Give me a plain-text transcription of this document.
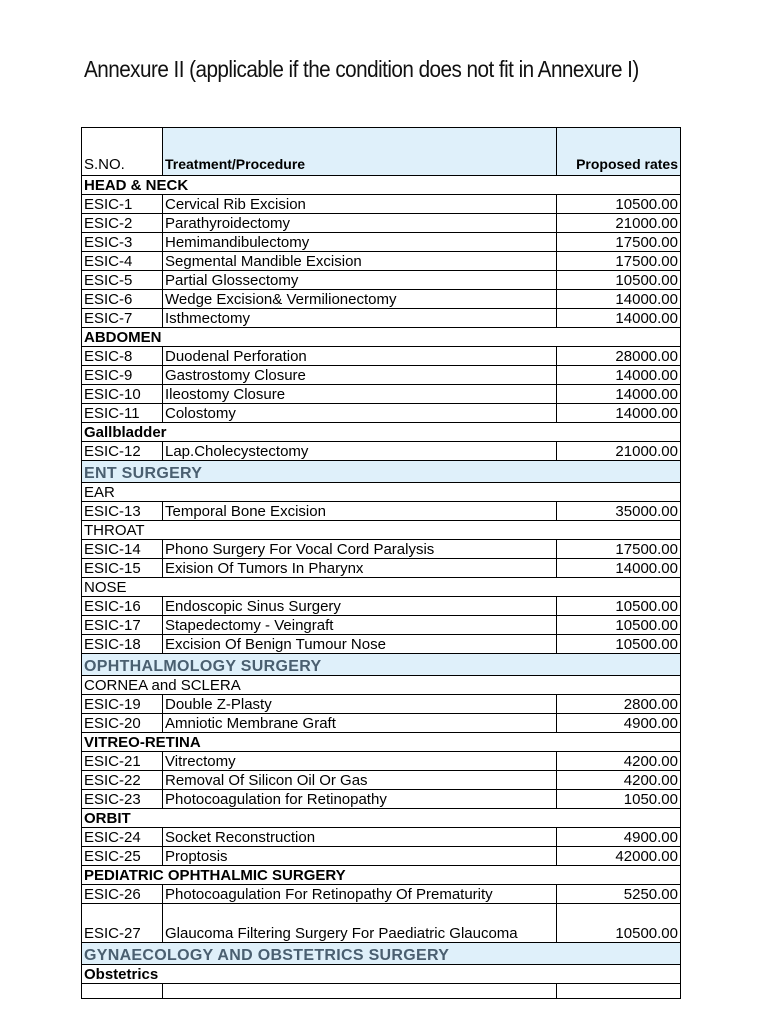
Annexure II (applicable if the condition does not fit in Annexure I)
S.NO.	Treatment/Procedure	Proposed rates
HEAD & NECK		
ESIC-1	Cervical Rib Excision	10500.00
ESIC-2	Parathyroidectomy	21000.00
ESIC-3	Hemimandibulectomy	17500.00
ESIC-4	Segmental Mandible Excision	17500.00
ESIC-5	Partial Glossectomy	10500.00
ESIC-6	Wedge Excision& Vermilionectomy	14000.00
ESIC-7	Isthmectomy	14000.00
ABDOMEN		
ESIC-8	Duodenal Perforation	28000.00
ESIC-9	Gastrostomy Closure	14000.00
ESIC-10	Ileostomy Closure	14000.00
ESIC-11	Colostomy	14000.00
Gallbladder		
ESIC-12	Lap.Cholecystectomy	21000.00
ENT SURGERY		
EAR		
ESIC-13	Temporal Bone Excision	35000.00
THROAT		
ESIC-14	Phono Surgery For Vocal Cord Paralysis	17500.00
ESIC-15	Exision Of Tumors In Pharynx	14000.00
NOSE		
ESIC-16	Endoscopic Sinus Surgery	10500.00
ESIC-17	Stapedectomy - Veingraft	10500.00
ESIC-18	Excision Of Benign Tumour Nose	10500.00
OPHTHALMOLOGY SURGERY		
CORNEA and SCLERA		
ESIC-19	Double Z-Plasty	2800.00
ESIC-20	Amniotic Membrane Graft	4900.00
VITREO-RETINA		
ESIC-21	Vitrectomy	4200.00
ESIC-22	Removal Of Silicon Oil Or Gas	4200.00
ESIC-23	Photocoagulation for Retinopathy	1050.00
ORBIT		
ESIC-24	Socket Reconstruction	4900.00
ESIC-25	Proptosis	42000.00
PEDIATRIC OPHTHALMIC SURGERY		
ESIC-26	Photocoagulation For Retinopathy Of Prematurity	5250.00
ESIC-27	Glaucoma Filtering Surgery For Paediatric Glaucoma	10500.00
GYNAECOLOGY AND OBSTETRICS SURGERY		
Obstetrics		
